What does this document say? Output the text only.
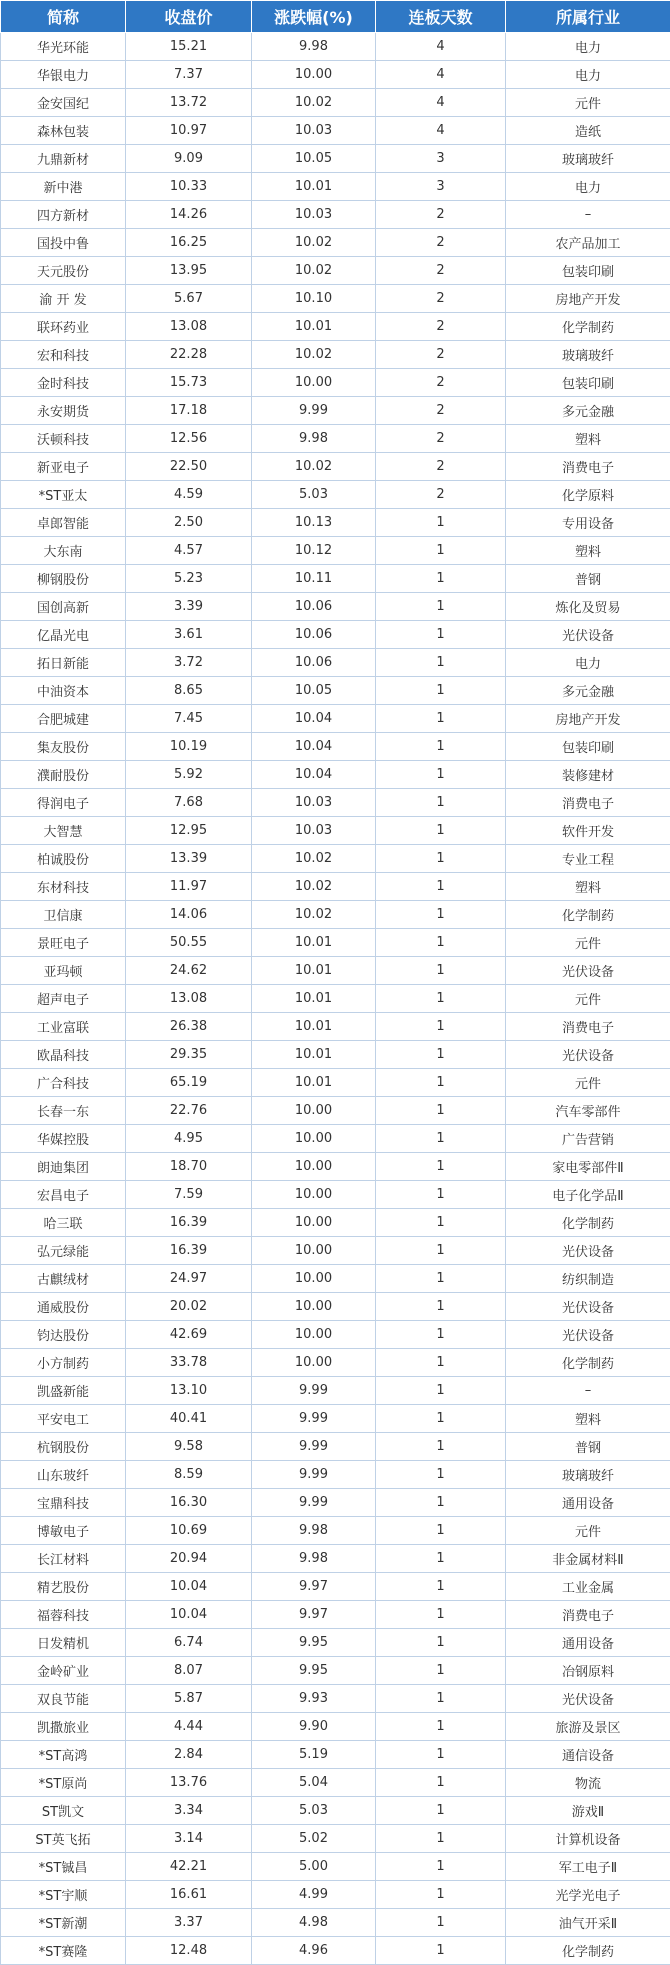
简称	收盘价	涨跌幅(%)	连板天数	所属行业
华光环能	15.21	9.98	4	电力
华银电力	7.37	10.00	4	电力
金安国纪	13.72	10.02	4	元件
森林包装	10.97	10.03	4	造纸
九鼎新材	9.09	10.05	3	玻璃玻纤
新中港	10.33	10.01	3	电力
四方新材	14.26	10.03	2	–
国投中鲁	16.25	10.02	2	农产品加工
天元股份	13.95	10.02	2	包装印刷
渝 开 发	5.67	10.10	2	房地产开发
联环药业	13.08	10.01	2	化学制药
宏和科技	22.28	10.02	2	玻璃玻纤
金时科技	15.73	10.00	2	包装印刷
永安期货	17.18	9.99	2	多元金融
沃顿科技	12.56	9.98	2	塑料
新亚电子	22.50	10.02	2	消费电子
*ST亚太	4.59	5.03	2	化学原料
卓郎智能	2.50	10.13	1	专用设备
大东南	4.57	10.12	1	塑料
柳钢股份	5.23	10.11	1	普钢
国创高新	3.39	10.06	1	炼化及贸易
亿晶光电	3.61	10.06	1	光伏设备
拓日新能	3.72	10.06	1	电力
中油资本	8.65	10.05	1	多元金融
合肥城建	7.45	10.04	1	房地产开发
集友股份	10.19	10.04	1	包装印刷
濮耐股份	5.92	10.04	1	装修建材
得润电子	7.68	10.03	1	消费电子
大智慧	12.95	10.03	1	软件开发
柏诚股份	13.39	10.02	1	专业工程
东材科技	11.97	10.02	1	塑料
卫信康	14.06	10.02	1	化学制药
景旺电子	50.55	10.01	1	元件
亚玛顿	24.62	10.01	1	光伏设备
超声电子	13.08	10.01	1	元件
工业富联	26.38	10.01	1	消费电子
欧晶科技	29.35	10.01	1	光伏设备
广合科技	65.19	10.01	1	元件
长春一东	22.76	10.00	1	汽车零部件
华媒控股	4.95	10.00	1	广告营销
朗迪集团	18.70	10.00	1	家电零部件Ⅱ
宏昌电子	7.59	10.00	1	电子化学品Ⅱ
哈三联	16.39	10.00	1	化学制药
弘元绿能	16.39	10.00	1	光伏设备
古麒绒材	24.97	10.00	1	纺织制造
通威股份	20.02	10.00	1	光伏设备
钧达股份	42.69	10.00	1	光伏设备
小方制药	33.78	10.00	1	化学制药
凯盛新能	13.10	9.99	1	–
平安电工	40.41	9.99	1	塑料
杭钢股份	9.58	9.99	1	普钢
山东玻纤	8.59	9.99	1	玻璃玻纤
宝鼎科技	16.30	9.99	1	通用设备
博敏电子	10.69	9.98	1	元件
长江材料	20.94	9.98	1	非金属材料Ⅱ
精艺股份	10.04	9.97	1	工业金属
福蓉科技	10.04	9.97	1	消费电子
日发精机	6.74	9.95	1	通用设备
金岭矿业	8.07	9.95	1	冶钢原料
双良节能	5.87	9.93	1	光伏设备
凯撒旅业	4.44	9.90	1	旅游及景区
*ST高鸿	2.84	5.19	1	通信设备
*ST原尚	13.76	5.04	1	物流
ST凯文	3.34	5.03	1	游戏Ⅱ
ST英飞拓	3.14	5.02	1	计算机设备
*ST铖昌	42.21	5.00	1	军工电子Ⅱ
*ST宇顺	16.61	4.99	1	光学光电子
*ST新潮	3.37	4.98	1	油气开采Ⅱ
*ST赛隆	12.48	4.96	1	化学制药
